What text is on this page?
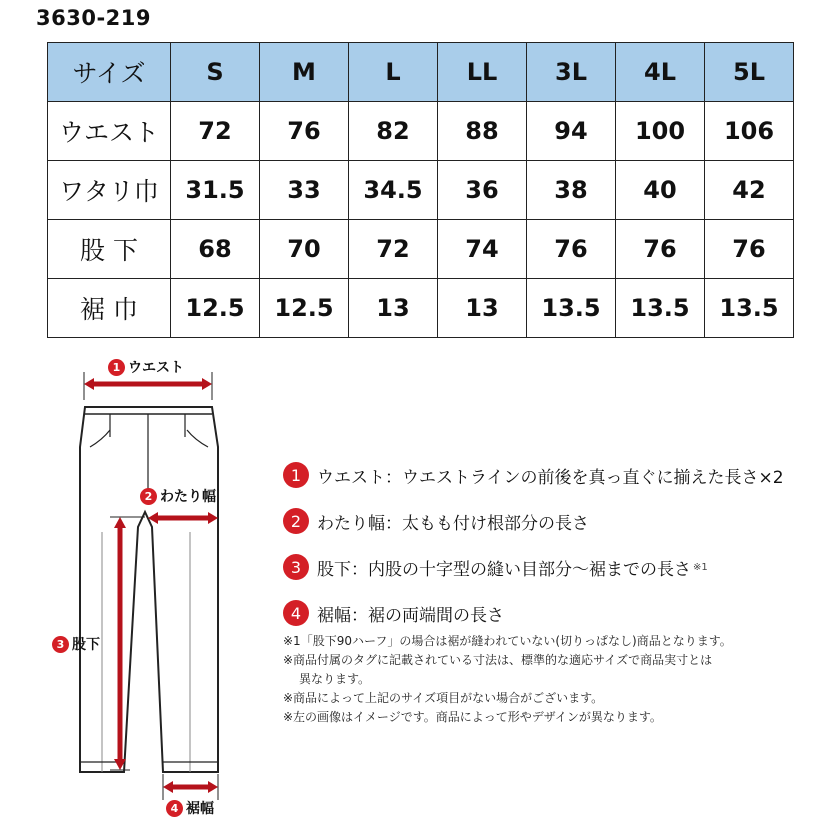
3630-219
サイズ	S	M	L	LL	3L	4L	5L
ウエスト	72	76	82	88	94	100	106
ワタリ巾	31.5	33	34.5	36	38	40	42
股 下	68	70	72	74	76	76	76
裾 巾	12.5	12.5	13	13	13.5	13.5	13.5
1 ウエスト
2 わたり幅
3 股下
4 裾幅
1 ウエスト：ウエストラインの前後を真っ直ぐに揃えた長さ×2
2 わたり幅：太もも付け根部分の長さ
3 股下：内股の十字型の縫い目部分〜裾までの長さ ※1
4 裾幅：裾の両端間の長さ
※1「股下90ハーフ」の場合は裾が縫われていない(切りっぱなし)商品となります。
※商品付属のタグに記載されている寸法は、標準的な適応サイズで商品実寸とは
異なります。
※商品によって上記のサイズ項目がない場合がございます。
※左の画像はイメージです。商品によって形やデザインが異なります。
